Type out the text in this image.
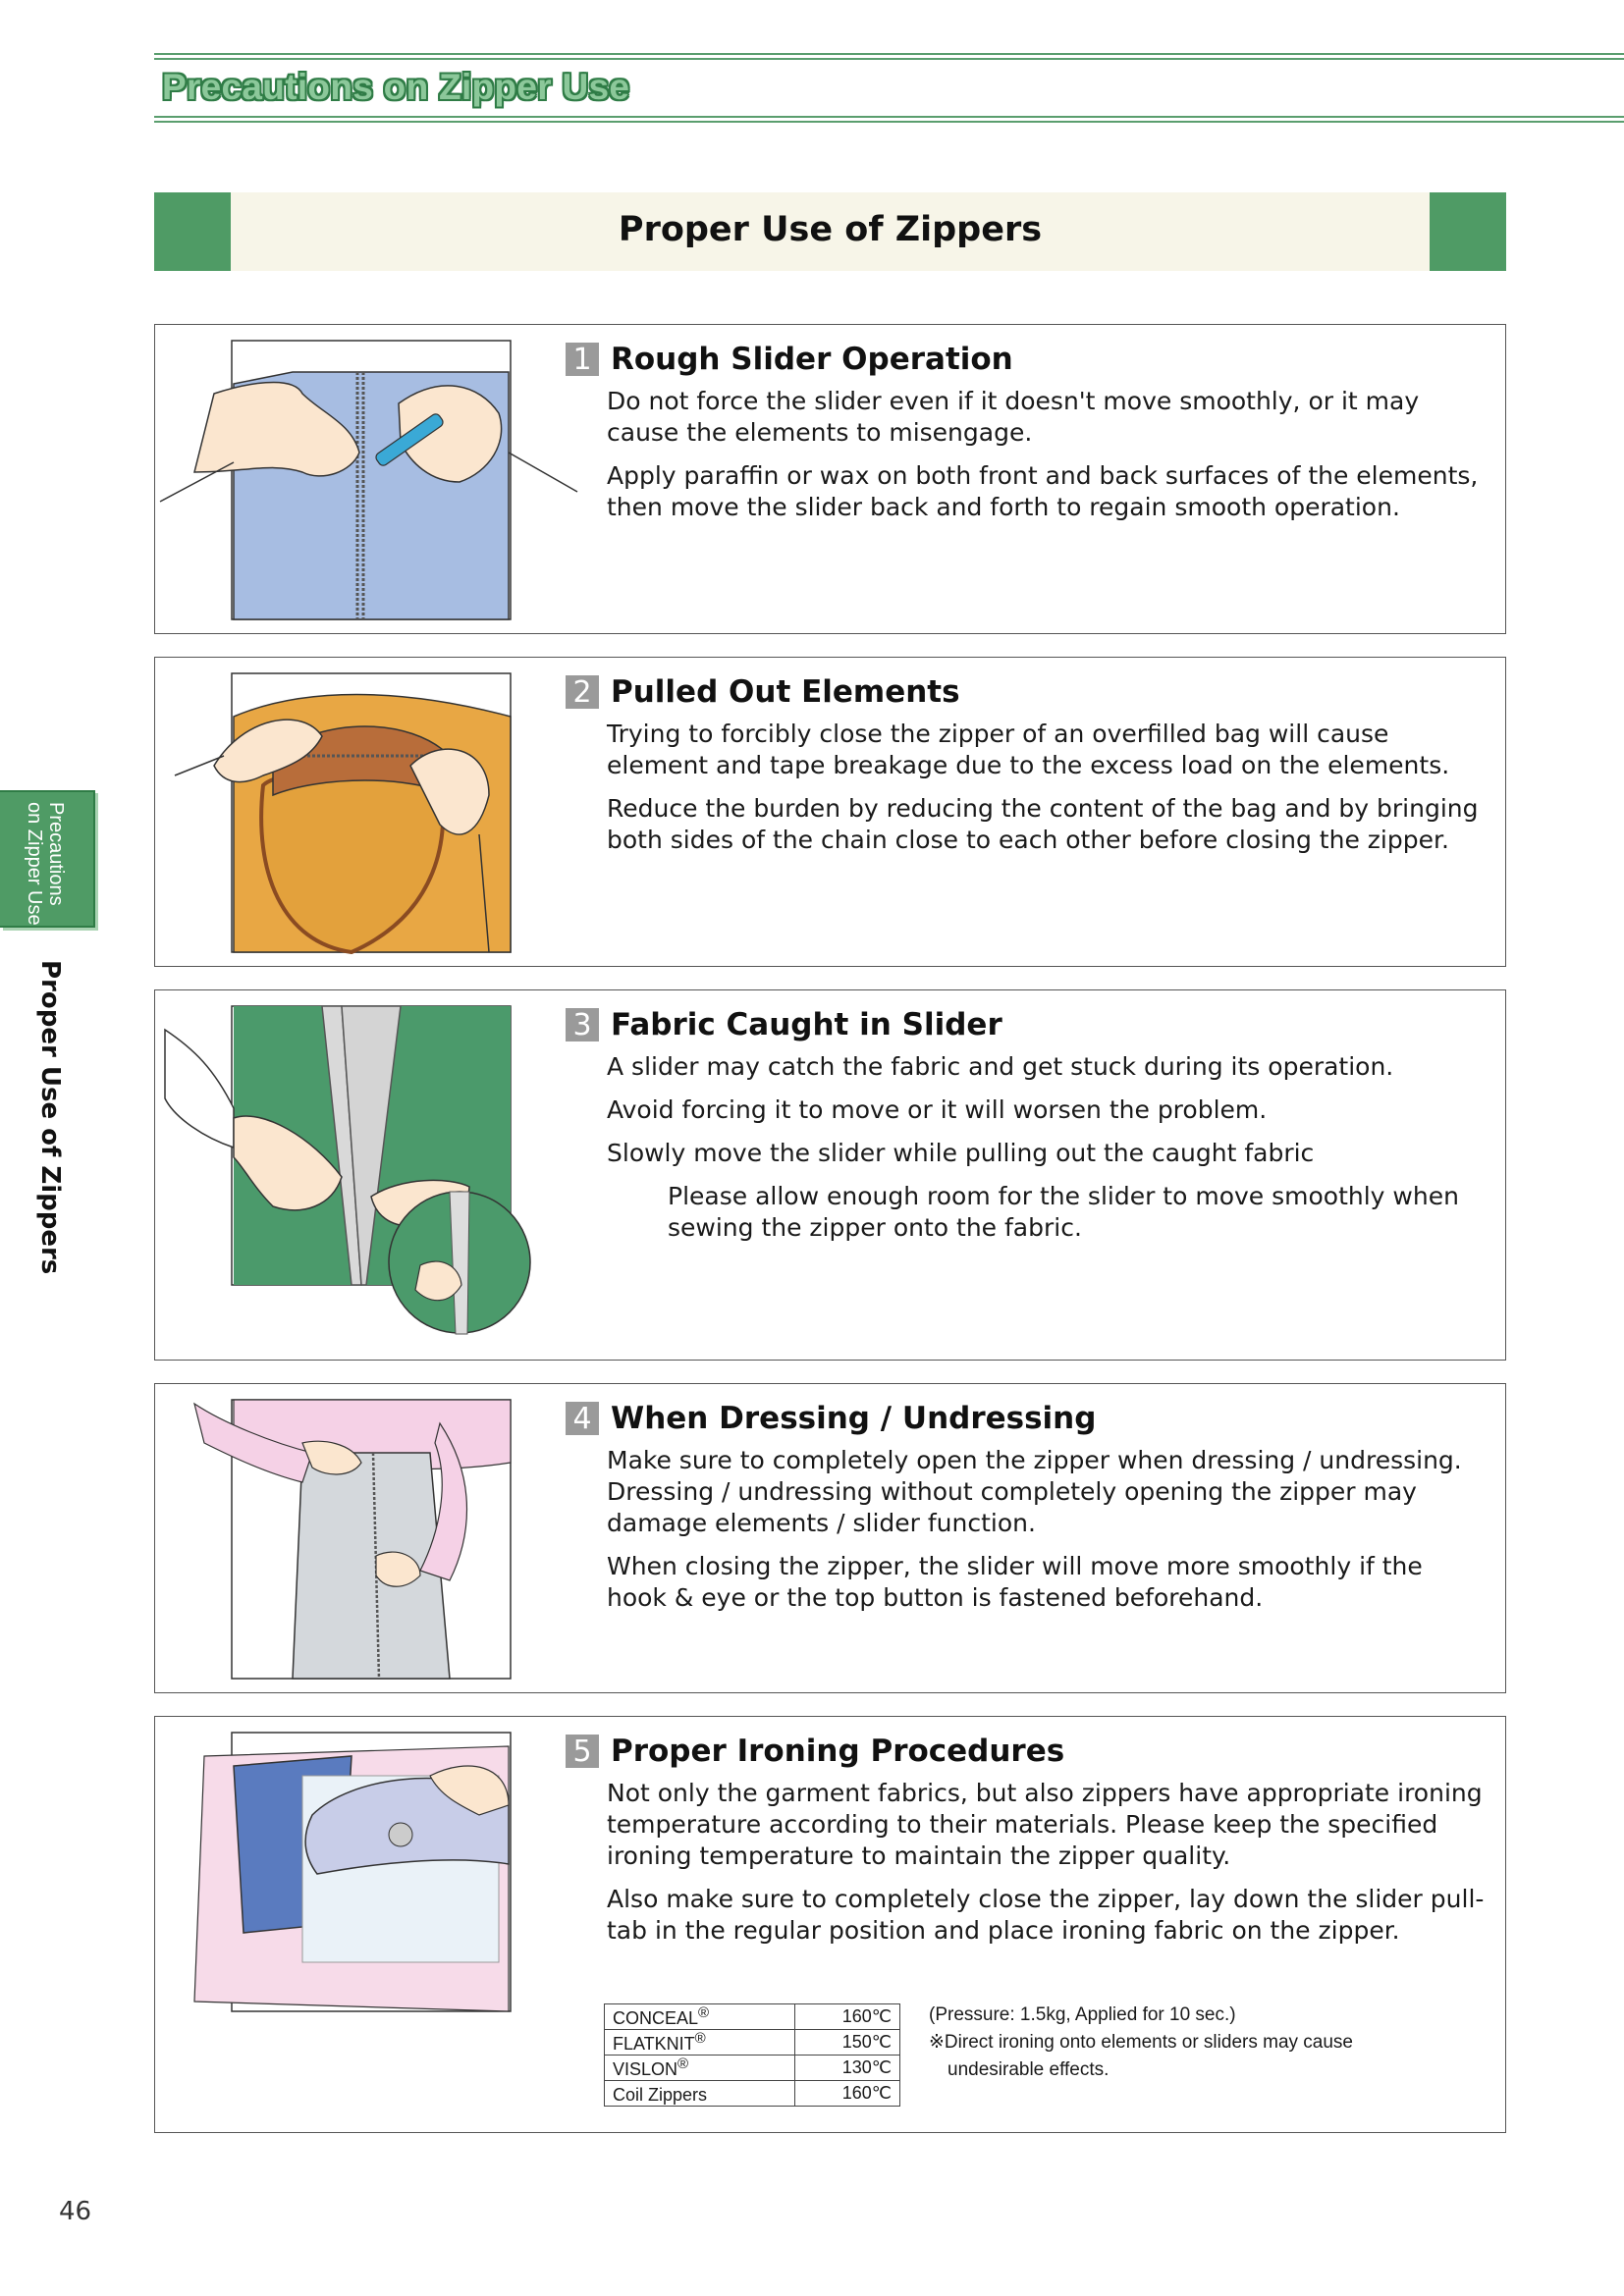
Precautions on Zipper Use
Proper Use of Zippers
Precautions
on Zipper Use
Proper Use of Zippers
1 Rough Slider Operation
Do not force the slider even if it doesn't move smoothly, or it may cause the elements to misengage.
Apply paraffin or wax on both front and back surfaces of the elements, then move the slider back and forth to regain smooth operation.
2 Pulled Out Elements
Trying to forcibly close the zipper of an overfilled bag will cause element and tape breakage due to the excess load on the elements.
Reduce the burden by reducing the content of the bag and by bringing both sides of the chain close to each other before closing the zipper.
3 Fabric Caught in Slider
A slider may catch the fabric and get stuck during its operation.
Avoid forcing it to move or it will worsen the problem.
Slowly move the slider while pulling out the caught fabric
Please allow enough room for the slider to move smoothly when sewing the zipper onto the fabric.
4 When Dressing / Undressing
Make sure to completely open the zipper when dressing / undressing. Dressing / undressing without completely opening the zipper may damage elements / slider function.
When closing the zipper, the slider will move more smoothly if the hook & eye or the top button is fastened beforehand.
5 Proper Ironing Procedures
Not only the garment fabrics, but also zippers have appropriate ironing temperature according to their materials. Please keep the specified ironing temperature to maintain the zipper quality.
Also make sure to completely close the zipper, lay down the slider pull-tab in the regular position and place ironing fabric on the zipper.
CONCEAL®	160℃
FLATKNIT®	150℃
VISLON®	130℃
Coil Zippers	160℃
(Pressure: 1.5kg, Applied for 10 sec.)
※Direct ironing onto elements or sliders may cause
undesirable effects.
46
